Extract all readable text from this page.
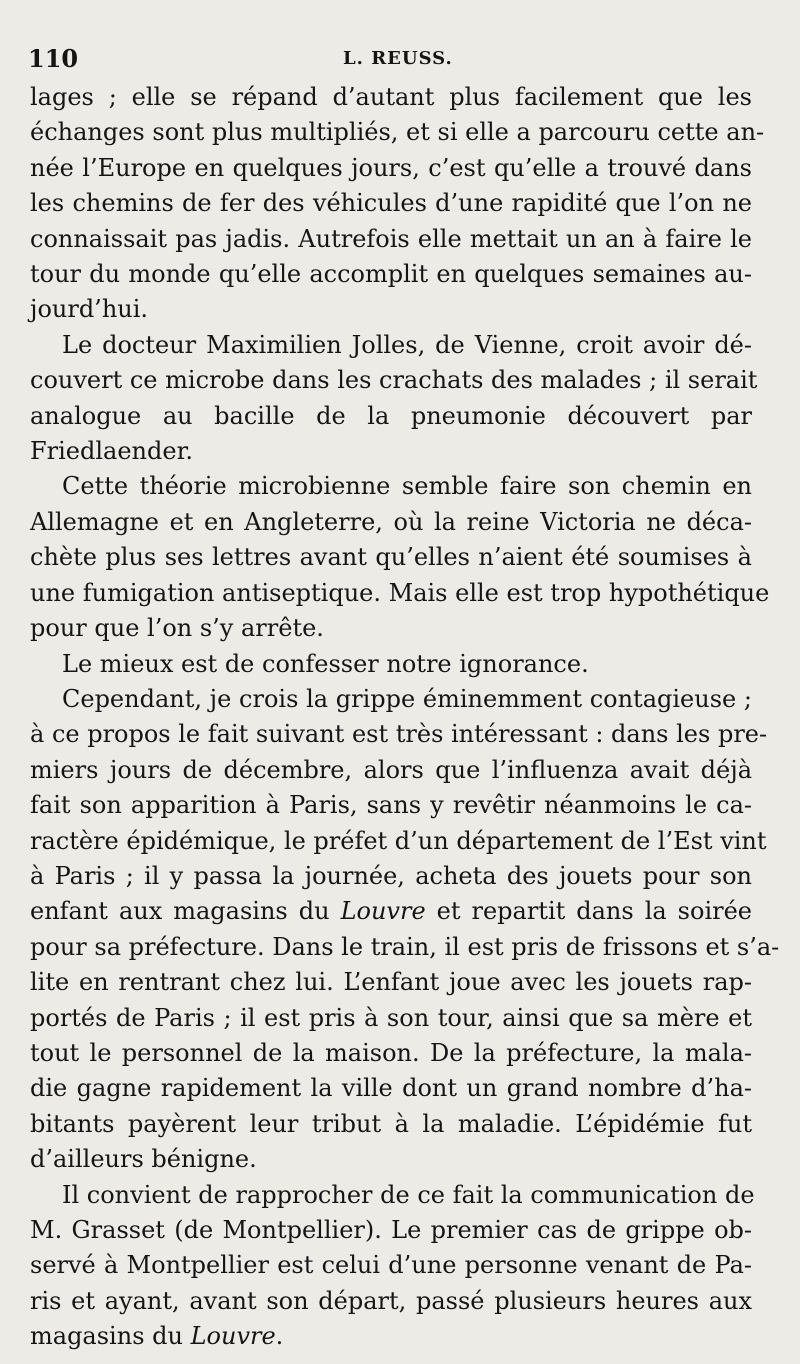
110	L. REUSS.
lages ; elle se répand d’autant plus facilement que les
échanges sont plus multipliés, et si elle a parcouru cette an-
née l’Europe en quelques jours, c’est qu’elle a trouvé dans
les chemins de fer des véhicules d’une rapidité que l’on ne
connaissait pas jadis. Autrefois elle mettait un an à faire le
tour du monde qu’elle accomplit en quelques semaines au-
jourd’hui.
Le docteur Maximilien Jolles, de Vienne, croit avoir dé-
couvert ce microbe dans les crachats des malades ; il serait
analogue au bacille de la pneumonie découvert par
Friedlaender.
Cette théorie microbienne semble faire son chemin en
Allemagne et en Angleterre, où la reine Victoria ne déca-
chète plus ses lettres avant qu’elles n’aient été soumises à
une fumigation antiseptique. Mais elle est trop hypothétique
pour que l’on s’y arrête.
Le mieux est de confesser notre ignorance.
Cependant, je crois la grippe éminemment contagieuse ;
à ce propos le fait suivant est très intéressant : dans les pre-
miers jours de décembre, alors que l’influenza avait déjà
fait son apparition à Paris, sans y revêtir néanmoins le ca-
ractère épidémique, le préfet d’un département de l’Est vint
à Paris ; il y passa la journée, acheta des jouets pour son
enfant aux magasins du Louvre et repartit dans la soirée
pour sa préfecture. Dans le train, il est pris de frissons et s’a-
lite en rentrant chez lui. L’enfant joue avec les jouets rap-
portés de Paris ; il est pris à son tour, ainsi que sa mère et
tout le personnel de la maison. De la préfecture, la mala-
die gagne rapidement la ville dont un grand nombre d’ha-
bitants payèrent leur tribut à la maladie. L’épidémie fut
d’ailleurs bénigne.
Il convient de rapprocher de ce fait la communication de
M. Grasset (de Montpellier). Le premier cas de grippe ob-
servé à Montpellier est celui d’une personne venant de Pa-
ris et ayant, avant son départ, passé plusieurs heures aux
magasins du Louvre.
